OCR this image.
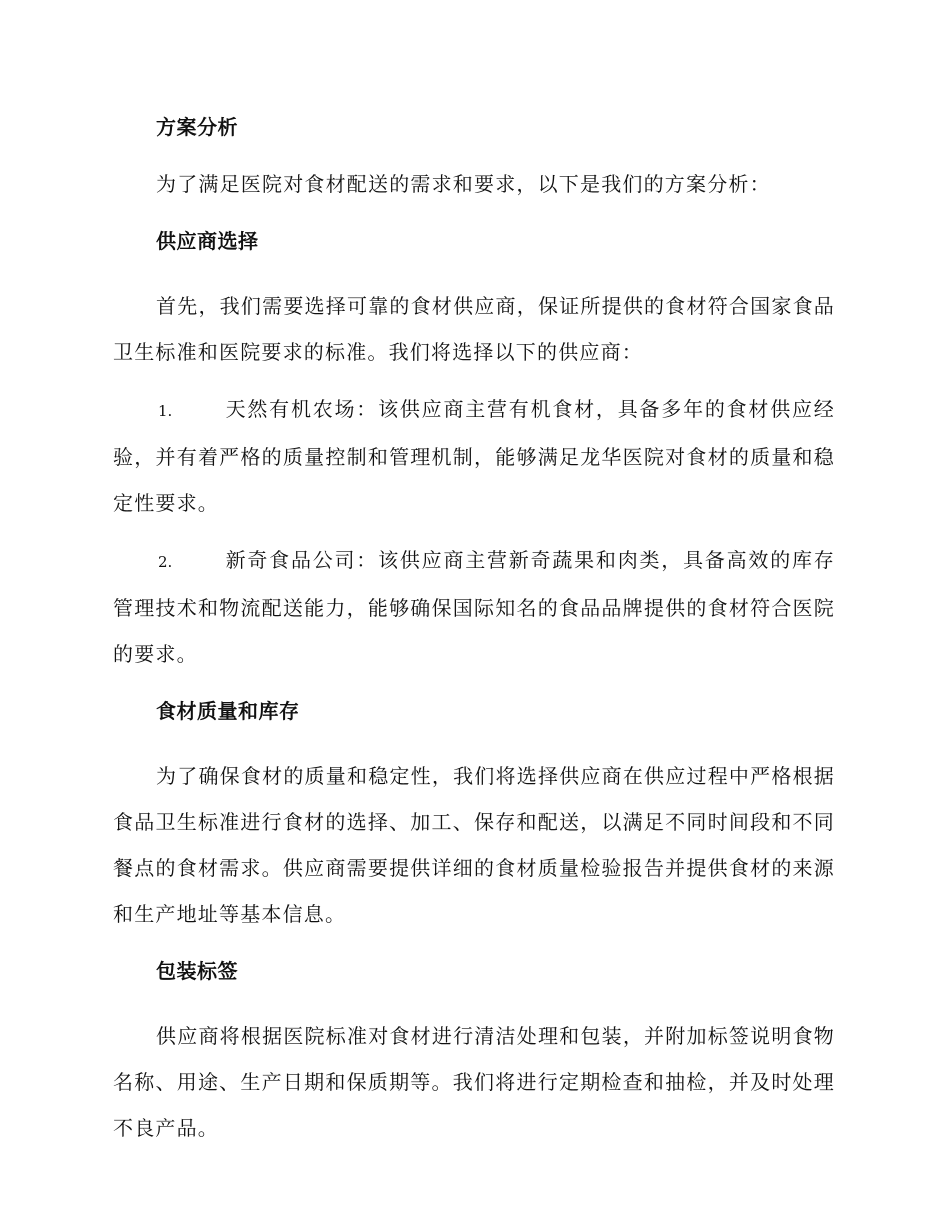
方案分析

为了满足医院对食材配送的需求和要求，以下是我们的方案分析：

供应商选择

首先，我们需要选择可靠的食材供应商，保证所提供的食材符合国家食品卫生标准和医院要求的标准。我们将选择以下的供应商：

1.	天然有机农场：该供应商主营有机食材，具备多年的食材供应经验，并有着严格的质量控制和管理机制，能够满足龙华医院对食材的质量和稳定性要求。

2.	新奇食品公司：该供应商主营新奇蔬果和肉类，具备高效的库存管理技术和物流配送能力，能够确保国际知名的食品品牌提供的食材符合医院的要求。

食材质量和库存

为了确保食材的质量和稳定性，我们将选择供应商在供应过程中严格根据食品卫生标准进行食材的选择、加工、保存和配送，以满足不同时间段和不同餐点的食材需求。供应商需要提供详细的食材质量检验报告并提供食材的来源和生产地址等基本信息。

包装标签

供应商将根据医院标准对食材进行清洁处理和包装，并附加标签说明食物名称、用途、生产日期和保质期等。我们将进行定期检查和抽检，并及时处理不良产品。
